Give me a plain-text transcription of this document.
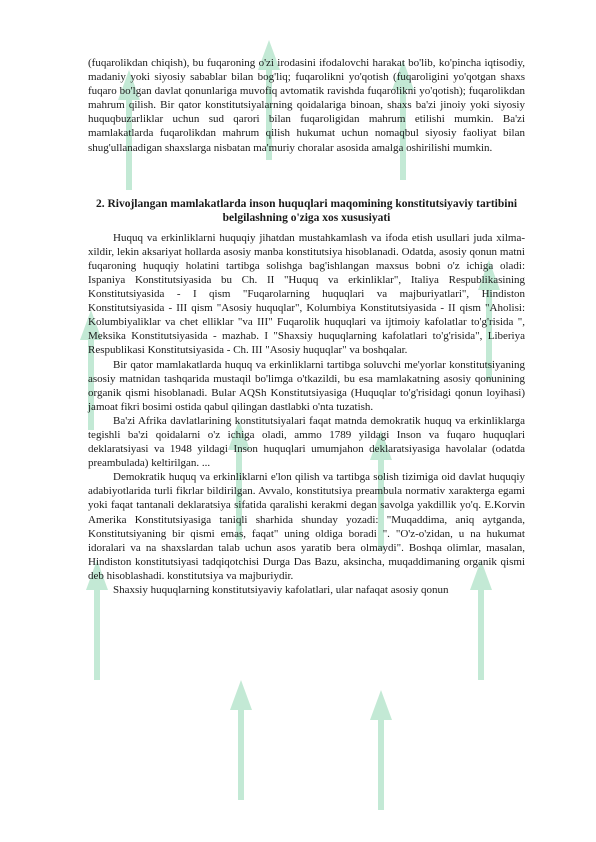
(fuqarolikdan chiqish), bu fuqaroning o'zi irodasini ifodalovchi harakat bo'lib, ko'pincha iqtisodiy, madaniy yoki siyosiy sabablar bilan bog'liq; fuqarolikni yo'qotish (fuqaroligini yo'qotgan shaxs fuqaro bo'lgan davlat qonunlariga muvofiq avtomatik ravishda fuqarolikni yo'qotish); fuqarolikdan mahrum qilish. Bir qator konstitutsiyalarning qoidalariga binoan, shaxs ba'zi jinoiy yoki siyosiy huquqbuzarliklar uchun sud qarori bilan fuqaroligidan mahrum etilishi mumkin. Ba'zi mamlakatlarda fuqarolikdan mahrum qilish hukumat uchun nomaqbul siyosiy faoliyat bilan shug'ullanadigan shaxslarga nisbatan ma'muriy choralar asosida amalga oshirilishi mumkin.

2. Rivojlangan mamlakatlarda inson huquqlari maqomining konstitutsiyaviy tartibini belgilashning o'ziga xos xususiyati

Huquq va erkinliklarni huquqiy jihatdan mustahkamlash va ifoda etish usullari juda xilma-xildir, lekin aksariyat hollarda asosiy manba konstitutsiya hisoblanadi. Odatda, asosiy qonun matni fuqaroning huquqiy holatini tartibga solishga bag'ishlangan maxsus bobni o'z ichiga oladi: Ispaniya Konstitutsiyasida bu Ch. II "Huquq va erkinliklar", Italiya Respublikasining Konstitutsiyasida - I qism "Fuqarolarning huquqlari va majburiyatlari", Hindiston Konstitutsiyasida - III qism "Asosiy huquqlar", Kolumbiya Konstitutsiyasida - II qism "Aholisi: Kolumbiyaliklar va chet elliklar "va III" Fuqarolik huquqlari va ijtimoiy kafolatlar to'g'risida ", Meksika Konstitutsiyasida - mazhab. I "Shaxsiy huquqlarning kafolatlari to'g'risida", Liberiya Respublikasi Konstitutsiyasida - Ch. III "Asosiy huquqlar" va boshqalar.

Bir qator mamlakatlarda huquq va erkinliklarni tartibga soluvchi me'yorlar konstitutsiyaning asosiy matnidan tashqarida mustaqil bo'limga o'tkazildi, bu esa mamlakatning asosiy qonunining organik qismi hisoblanadi. Bular AQSh Konstitutsiyasiga (Huquqlar to'g'risidagi qonun loyihasi) jamoat fikri bosimi ostida qabul qilingan dastlabki o'nta tuzatish.

Ba'zi Afrika davlatlarining konstitutsiyalari faqat matnda demokratik huquq va erkinliklarga tegishli ba'zi qoidalarni o'z ichiga oladi, ammo 1789 yildagi Inson va fuqaro huquqlari deklaratsiyasi va 1948 yildagi Inson huquqlari umumjahon deklaratsiyasiga havolalar (odatda preambulada) keltirilgan. ...

Demokratik huquq va erkinliklarni e'lon qilish va tartibga solish tizimiga oid davlat huquqiy adabiyotlarida turli fikrlar bildirilgan. Avvalo, konstitutsiya preambula normativ xarakterga egami yoki faqat tantanali deklaratsiya sifatida qaralishi kerakmi degan savolga yakdillik yo'q. E.Korvin Amerika Konstitutsiyasiga taniqli sharhida shunday yozadi: "Muqaddima, aniq aytganda, Konstitutsiyaning bir qismi emas, faqat" uning oldiga boradi ". "O'z-o'zidan, u na hukumat idoralari va na shaxslardan talab uchun asos yaratib bera olmaydi". Boshqa olimlar, masalan, Hindiston konstitutsiyasi tadqiqotchisi Durga Das Bazu, aksincha, muqaddimaning organik qismi deb hisoblashadi. konstitutsiya va majburiydir.

Shaxsiy huquqlarning konstitutsiyaviy kafolatlari, ular nafaqat asosiy qonun
